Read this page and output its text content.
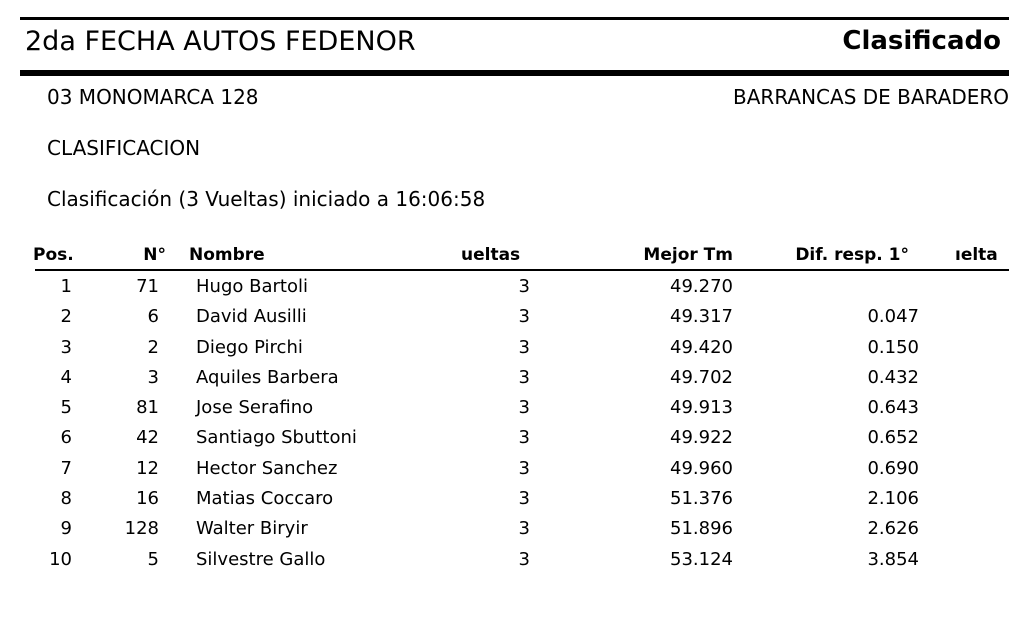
2da FECHA AUTOS FEDENOR	Clasificado
03 MONOMARCA 128	BARRANCAS DE BARADERO
CLASIFICACION
Clasificación (3 Vueltas) iniciado a 16:06:58
Pos.	N° Nombre	ueltas	Mejor Tm	Dif. resp. 1°	ıelta
1	71 Hugo Bartoli	3	49.270
2	6 David Ausilli	3	49.317	0.047
3	2 Diego Pirchi	3	49.420	0.150
4	3 Aquiles Barbera	3	49.702	0.432
5	81 Jose Serafino	3	49.913	0.643
6	42 Santiago Sbuttoni	3	49.922	0.652
7	12 Hector Sanchez	3	49.960	0.690
8	16 Matias Coccaro	3	51.376	2.106
9	128 Walter Biryir	3	51.896	2.626
10	5 Silvestre Gallo	3	53.124	3.854
